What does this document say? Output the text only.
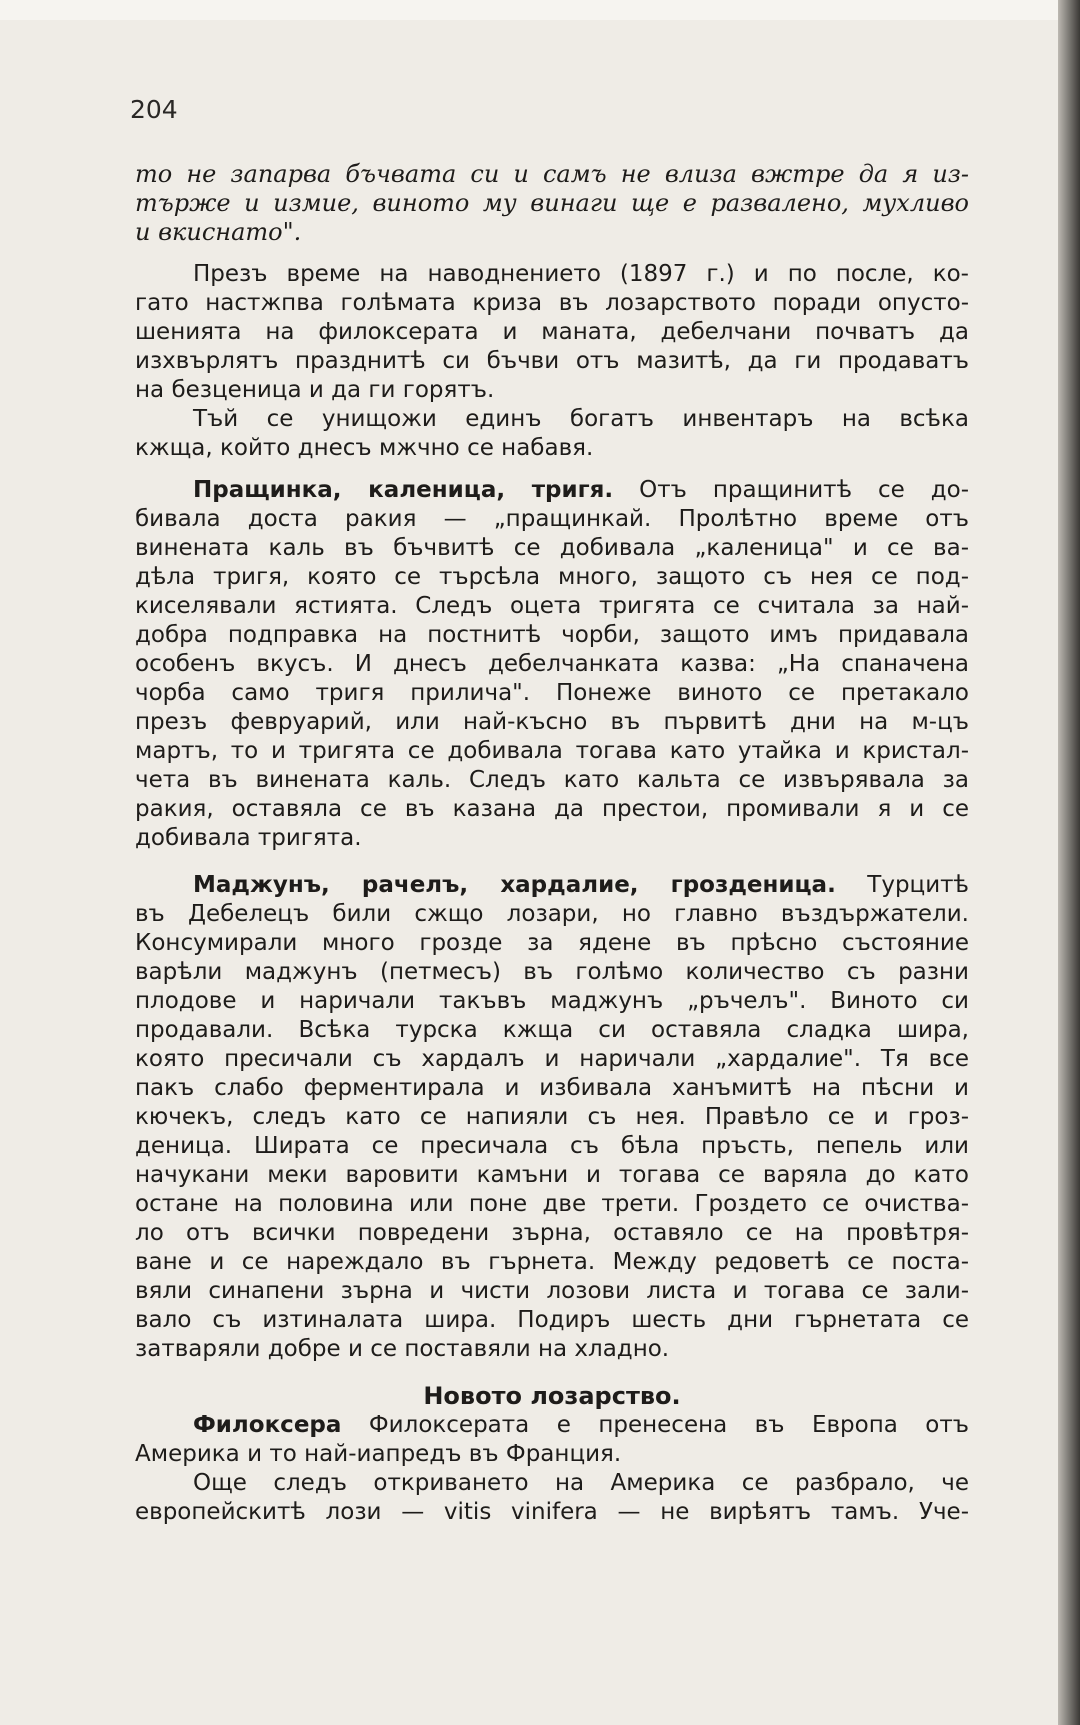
204
то не запарва бъчвата си и самъ не влиза вжтре да я из-
търже и измие, виното му винаги ще е развалено, мухливо
и вкиснато".
Презъ време на наводнението (1897 г.) и по после, ко-
гато настжпва голѣмата криза въ лозарството поради опусто-
шенията на филоксерата и маната, дебелчани почватъ да
изхвърлятъ празднитѣ си бъчви отъ мазитѣ, да ги продаватъ
на безценица и да ги горятъ.
Тъй се унищожи единъ богатъ инвентаръ на всѣка
кжща, който днесъ мжчно се набавя.
Пращинка, каленица, тригя. Отъ пращинитѣ се до-
бивала доста ракия — „пращинкай. Пролѣтно време отъ
винената каль въ бъчвитѣ се добивала „каленица" и се ва-
дѣла тригя, която се търсѣла много, защото съ нея се под-
киселявали ястията. Следъ оцета тригята се считала за най-
добра подправка на постнитѣ чорби, защото имъ придавала
особенъ вкусъ. И днесъ дебелчанката казва: „На спаначена
чорба само тригя прилича". Понеже виното се претакало
презъ февруарий, или най-късно въ първитѣ дни на м-цъ
мартъ, то и тригята се добивала тогава като утайка и кристал-
чета въ винената каль. Следъ като кальта се извърявала за
ракия, оставяла се въ казана да престои, промивали я и се
добивала тригята.
Маджунъ, рачелъ, хардалие, грозденица. Турцитѣ
въ Дебелецъ били сжщо лозари, но главно въздържатели.
Консумирали много грозде за ядене въ прѣсно състояние
варѣли маджунъ (петмесъ) въ голѣмо количество съ разни
плодове и наричали такъвъ маджунъ „ръчелъ". Виното си
продавали. Всѣка турска кжща си оставяла сладка шира,
която пресичали съ хардалъ и наричали „хардалие". Тя все
пакъ слабо ферментирала и избивала ханъмитѣ на пѣсни и
кючекъ, следъ като се напияли съ нея. Правѣло се и гроз-
деница. Ширата се пресичала съ бѣла пръсть, пепель или
начукани меки варовити камъни и тогава се варяла до като
остане на половина или поне две трети. Гроздето се очиства-
ло отъ всички повредени зърна, оставяло се на провѣтря-
ване и се нареждало въ гърнета. Между редоветѣ се поста-
вяли синапени зърна и чисти лозови листа и тогава се зали-
вало съ изтиналата шира. Подиръ шесть дни гърнетата се
затваряли добре и се поставяли на хладно.
Новото лозарство.
Филоксера Филоксерата е пренесена въ Европа отъ
Америка и то най-иапредъ въ Франция.
Още следъ откриването на Америка се разбрало, че
европейскитѣ лози — vitis vinifera — не вирѣятъ тамъ. Уче-
